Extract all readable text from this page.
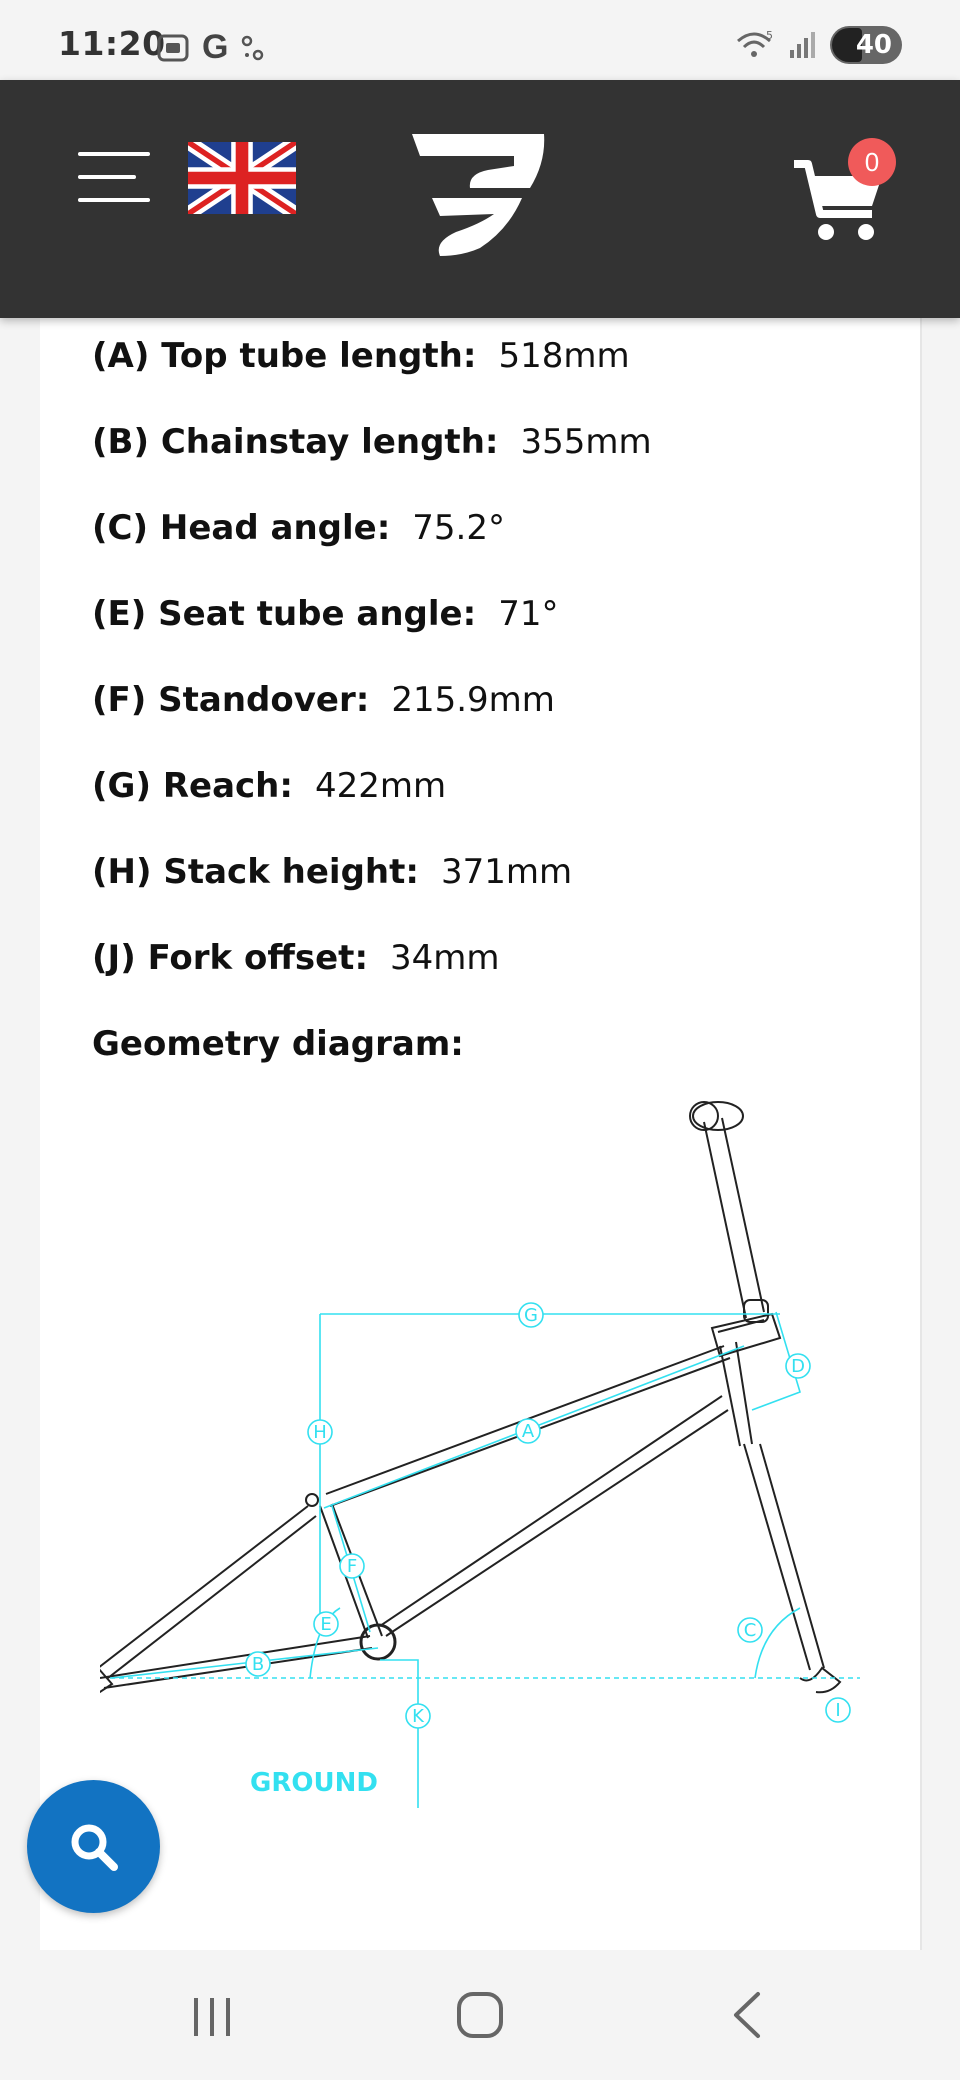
11:20 G	5	40
0
(A) Top tube length: 518mm
(B) Chainstay length: 355mm
(C) Head angle: 75.2°
(E) Seat tube angle: 71°
(F) Standover: 215.9mm
(G) Reach: 422mm
(H) Stack height: 371mm
(J) Fork offset: 34mm
Geometry diagram:
G
D
H	A
F
E
B
C
I
K
GROUND
